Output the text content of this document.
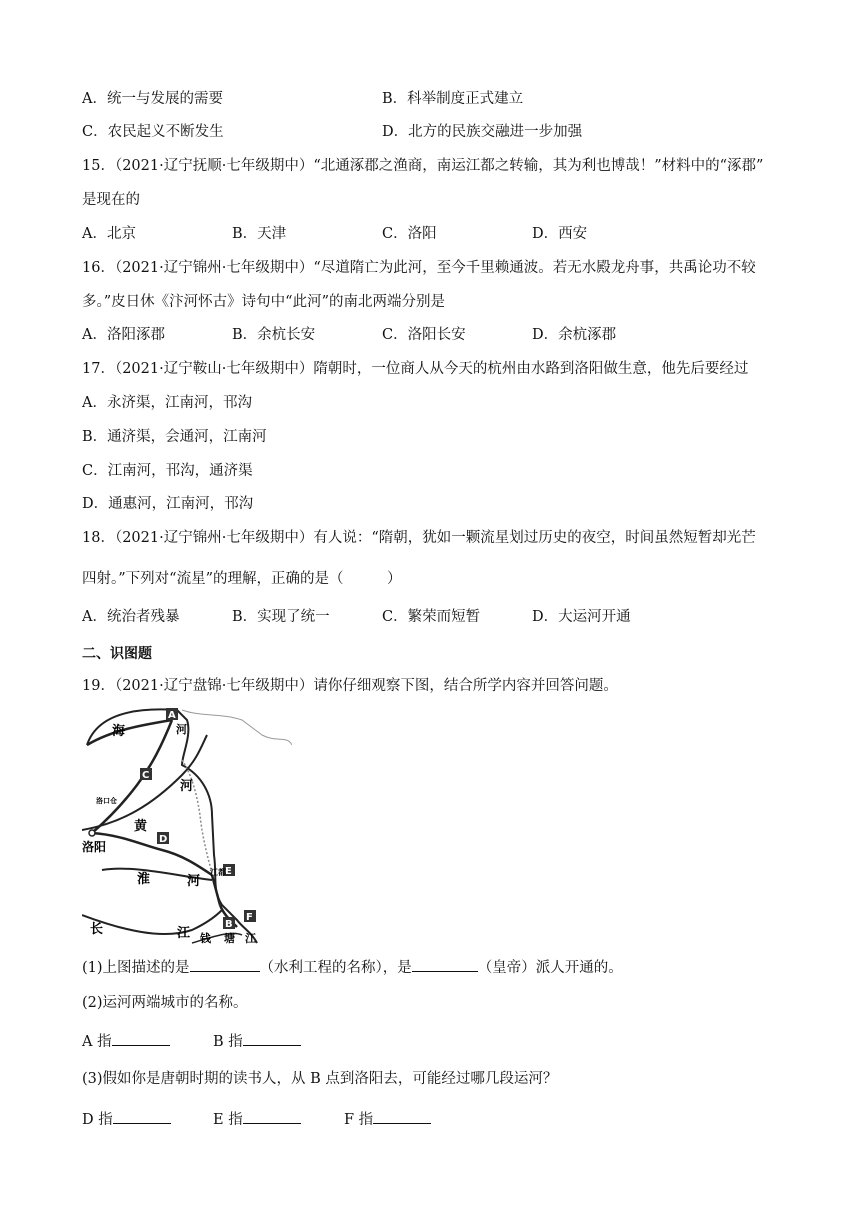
A．统一与发展的需要	B．科举制度正式建立
C．农民起义不断发生	D．北方的民族交融进一步加强
15．（2021·辽宁抚顺·七年级期中）“北通涿郡之渔商，南运江都之转输，其为利也博哉！”材料中的“涿郡”
是现在的
A．北京	B．天津	C．洛阳	D．西安
16．（2021·辽宁锦州·七年级期中）“尽道隋亡为此河，至今千里赖通波。若无水殿龙舟事，共禹论功不较
多。”皮日休《汴河怀古》诗句中“此河”的南北两端分别是
A．洛阳涿郡	B．余杭长安	C．洛阳长安	D．余杭涿郡
17．（2021·辽宁鞍山·七年级期中）隋朝时，一位商人从今天的杭州由水路到洛阳做生意，他先后要经过
A．永济渠，江南河，邗沟
B．通济渠，会通河，江南河
C．江南河，邗沟，通济渠
D．通惠河，江南河，邗沟
18．（2021·辽宁锦州·七年级期中）有人说：“隋朝，犹如一颗流星划过历史的夜空，时间虽然短暂却光芒
四射。”下列对“流星”的理解，正确的是（　　　）
A．统治者残暴	B．实现了统一	C．繁荣而短暂	D．大运河开通
二、识图题
19．（2021·辽宁盘锦·七年级期中）请你仔细观察下图，结合所学内容并回答问题。
A
B
C
D
E
F
海	河
河
洛口仓
黄
洛阳
淮	河
江都
长	江 钱 塘 江
(1)上图描述的是	（水利工程的名称），是	（皇帝）派人开通的。
(2)运河两端城市的名称。
A 指	B 指
(3)假如你是唐朝时期的读书人，从 B 点到洛阳去，可能经过哪几段运河？
D 指	E 指	F 指
